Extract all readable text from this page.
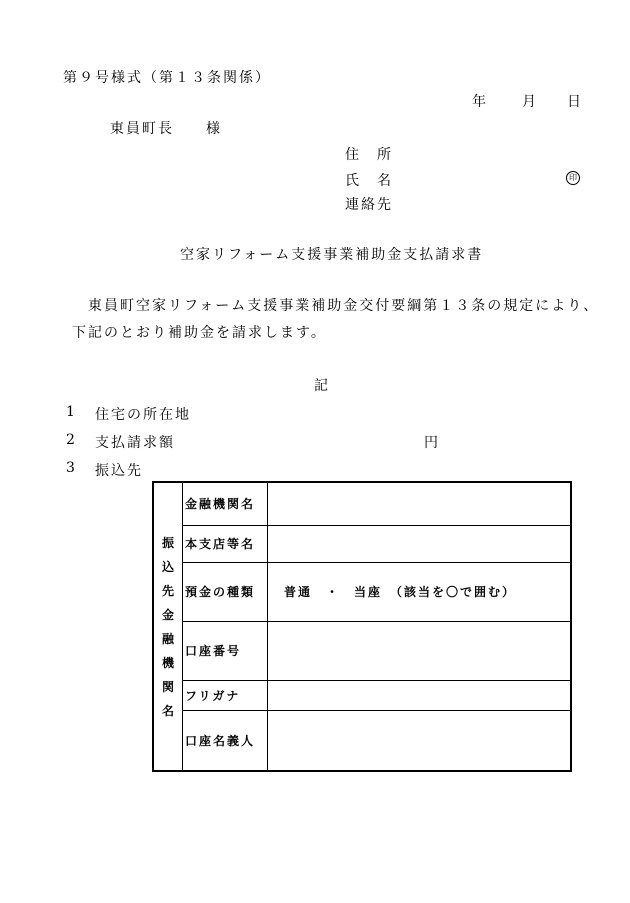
第９号様式（第１３条関係）
年 月 日
東員町長　　様
住　所
氏　名	印
連絡先
空家リフォーム支援事業補助金支払請求書
東員町空家リフォーム支援事業補助金交付要綱第１３条の規定により、
下記のとおり補助金を請求します。
記
1 住宅の所在地
2 支払請求額	円
3 振込先
振込先金融機関名	金融機関名	
	本支店等名	
	預金の種類	普通　・　当座　（該当を〇で囲む）
	口座番号	
	フリガナ	
	口座名義人	
